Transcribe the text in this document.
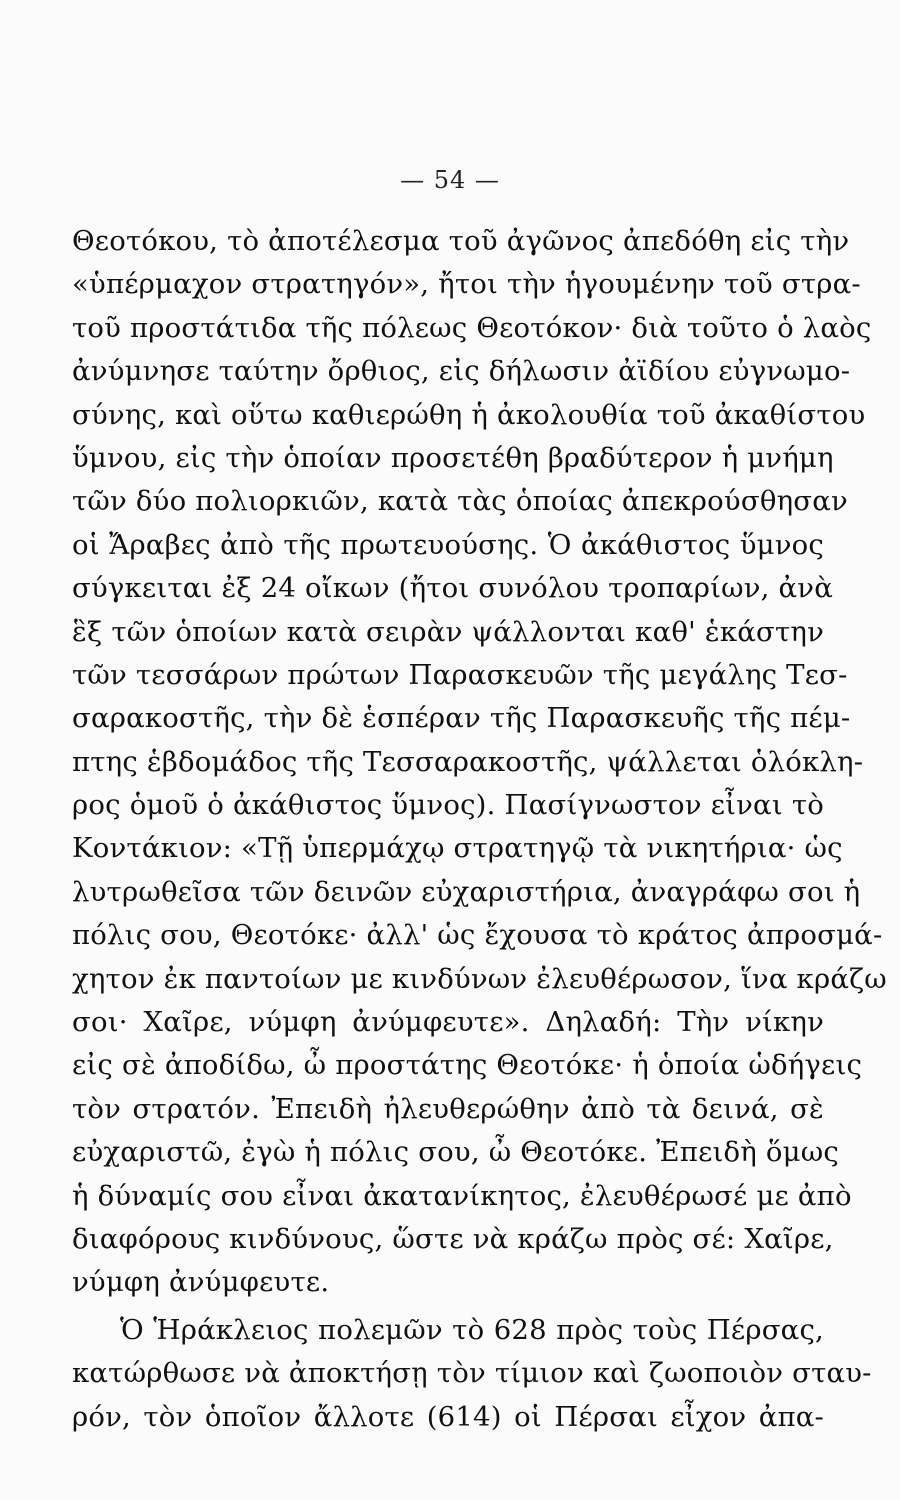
— 54 —
Θεοτόκου, τὸ ἀποτέλεσμα τοῦ ἀγῶνος ἀπεδόθη εἰς τὴν
«ὑπέρμαχον στρατηγόν», ἤτοι τὴν ἡγουμένην τοῦ στρα-
τοῦ προστάτιδα τῆς πόλεως Θεοτόκον· διὰ τοῦτο ὁ λαὸς
ἀνύμνησε ταύτην ὄρθιος, εἰς δήλωσιν ἀϊδίου εὐγνωμο-
σύνης, καὶ οὕτω καθιερώθη ἡ ἀκολουθία τοῦ ἀκαθίστου
ὕμνου, εἰς τὴν ὁποίαν προσετέθη βραδύτερον ἡ μνήμη
τῶν δύο πολιορκιῶν, κατὰ τὰς ὁποίας ἀπεκρούσθησαν
οἱ Ἄραβες ἀπὸ τῆς πρωτευούσης. Ὁ ἀκάθιστος ὕμνος
σύγκειται ἐξ 24 οἴκων (ἤτοι συνόλου τροπαρίων, ἀνὰ
ἓξ τῶν ὁποίων κατὰ σειρὰν ψάλλονται καθ' ἑκάστην
τῶν τεσσάρων πρώτων Παρασκευῶν τῆς μεγάλης Τεσ-
σαρακοστῆς, τὴν δὲ ἑσπέραν τῆς Παρασκευῆς τῆς πέμ-
πτης ἑβδομάδος τῆς Τεσσαρακοστῆς, ψάλλεται ὁλόκλη-
ρος ὁμοῦ ὁ ἀκάθιστος ὕμνος). Πασίγνωστον εἶναι τὸ
Κοντάκιον: «Τῇ ὑπερμάχῳ στρατηγῷ τὰ νικητήρια· ὡς
λυτρωθεῖσα τῶν δεινῶν εὐχαριστήρια, ἀναγράφω σοι ἡ
πόλις σου, Θεοτόκε· ἀλλ' ὡς ἔχουσα τὸ κράτος ἀπροσμά-
χητον ἐκ παντοίων με κινδύνων ἐλευθέρωσον, ἵνα κράζω
σοι· Χαῖρε, νύμφη ἀνύμφευτε». Δηλαδή: Τὴν νίκην
εἰς σὲ ἀποδίδω, ὦ προστάτης Θεοτόκε· ἡ ὁποία ὡδήγεις
τὸν στρατόν. Ἐπειδὴ ἠλευθερώθην ἀπὸ τὰ δεινά, σὲ
εὐχαριστῶ, ἐγὼ ἡ πόλις σου, ὦ Θεοτόκε. Ἐπειδὴ ὅμως
ἡ δύναμίς σου εἶναι ἀκατανίκητος, ἐλευθέρωσέ με ἀπὸ
διαφόρους κινδύνους, ὥστε νὰ κράζω πρὸς σέ: Χαῖρε,
νύμφη ἀνύμφευτε.
Ὁ Ἡράκλειος πολεμῶν τὸ 628 πρὸς τοὺς Πέρσας,
κατώρθωσε νὰ ἀποκτήσῃ τὸν τίμιον καὶ ζωοποιὸν σταυ-
ρόν, τὸν ὁποῖον ἄλλοτε (614) οἱ Πέρσαι εἶχον ἀπα-
